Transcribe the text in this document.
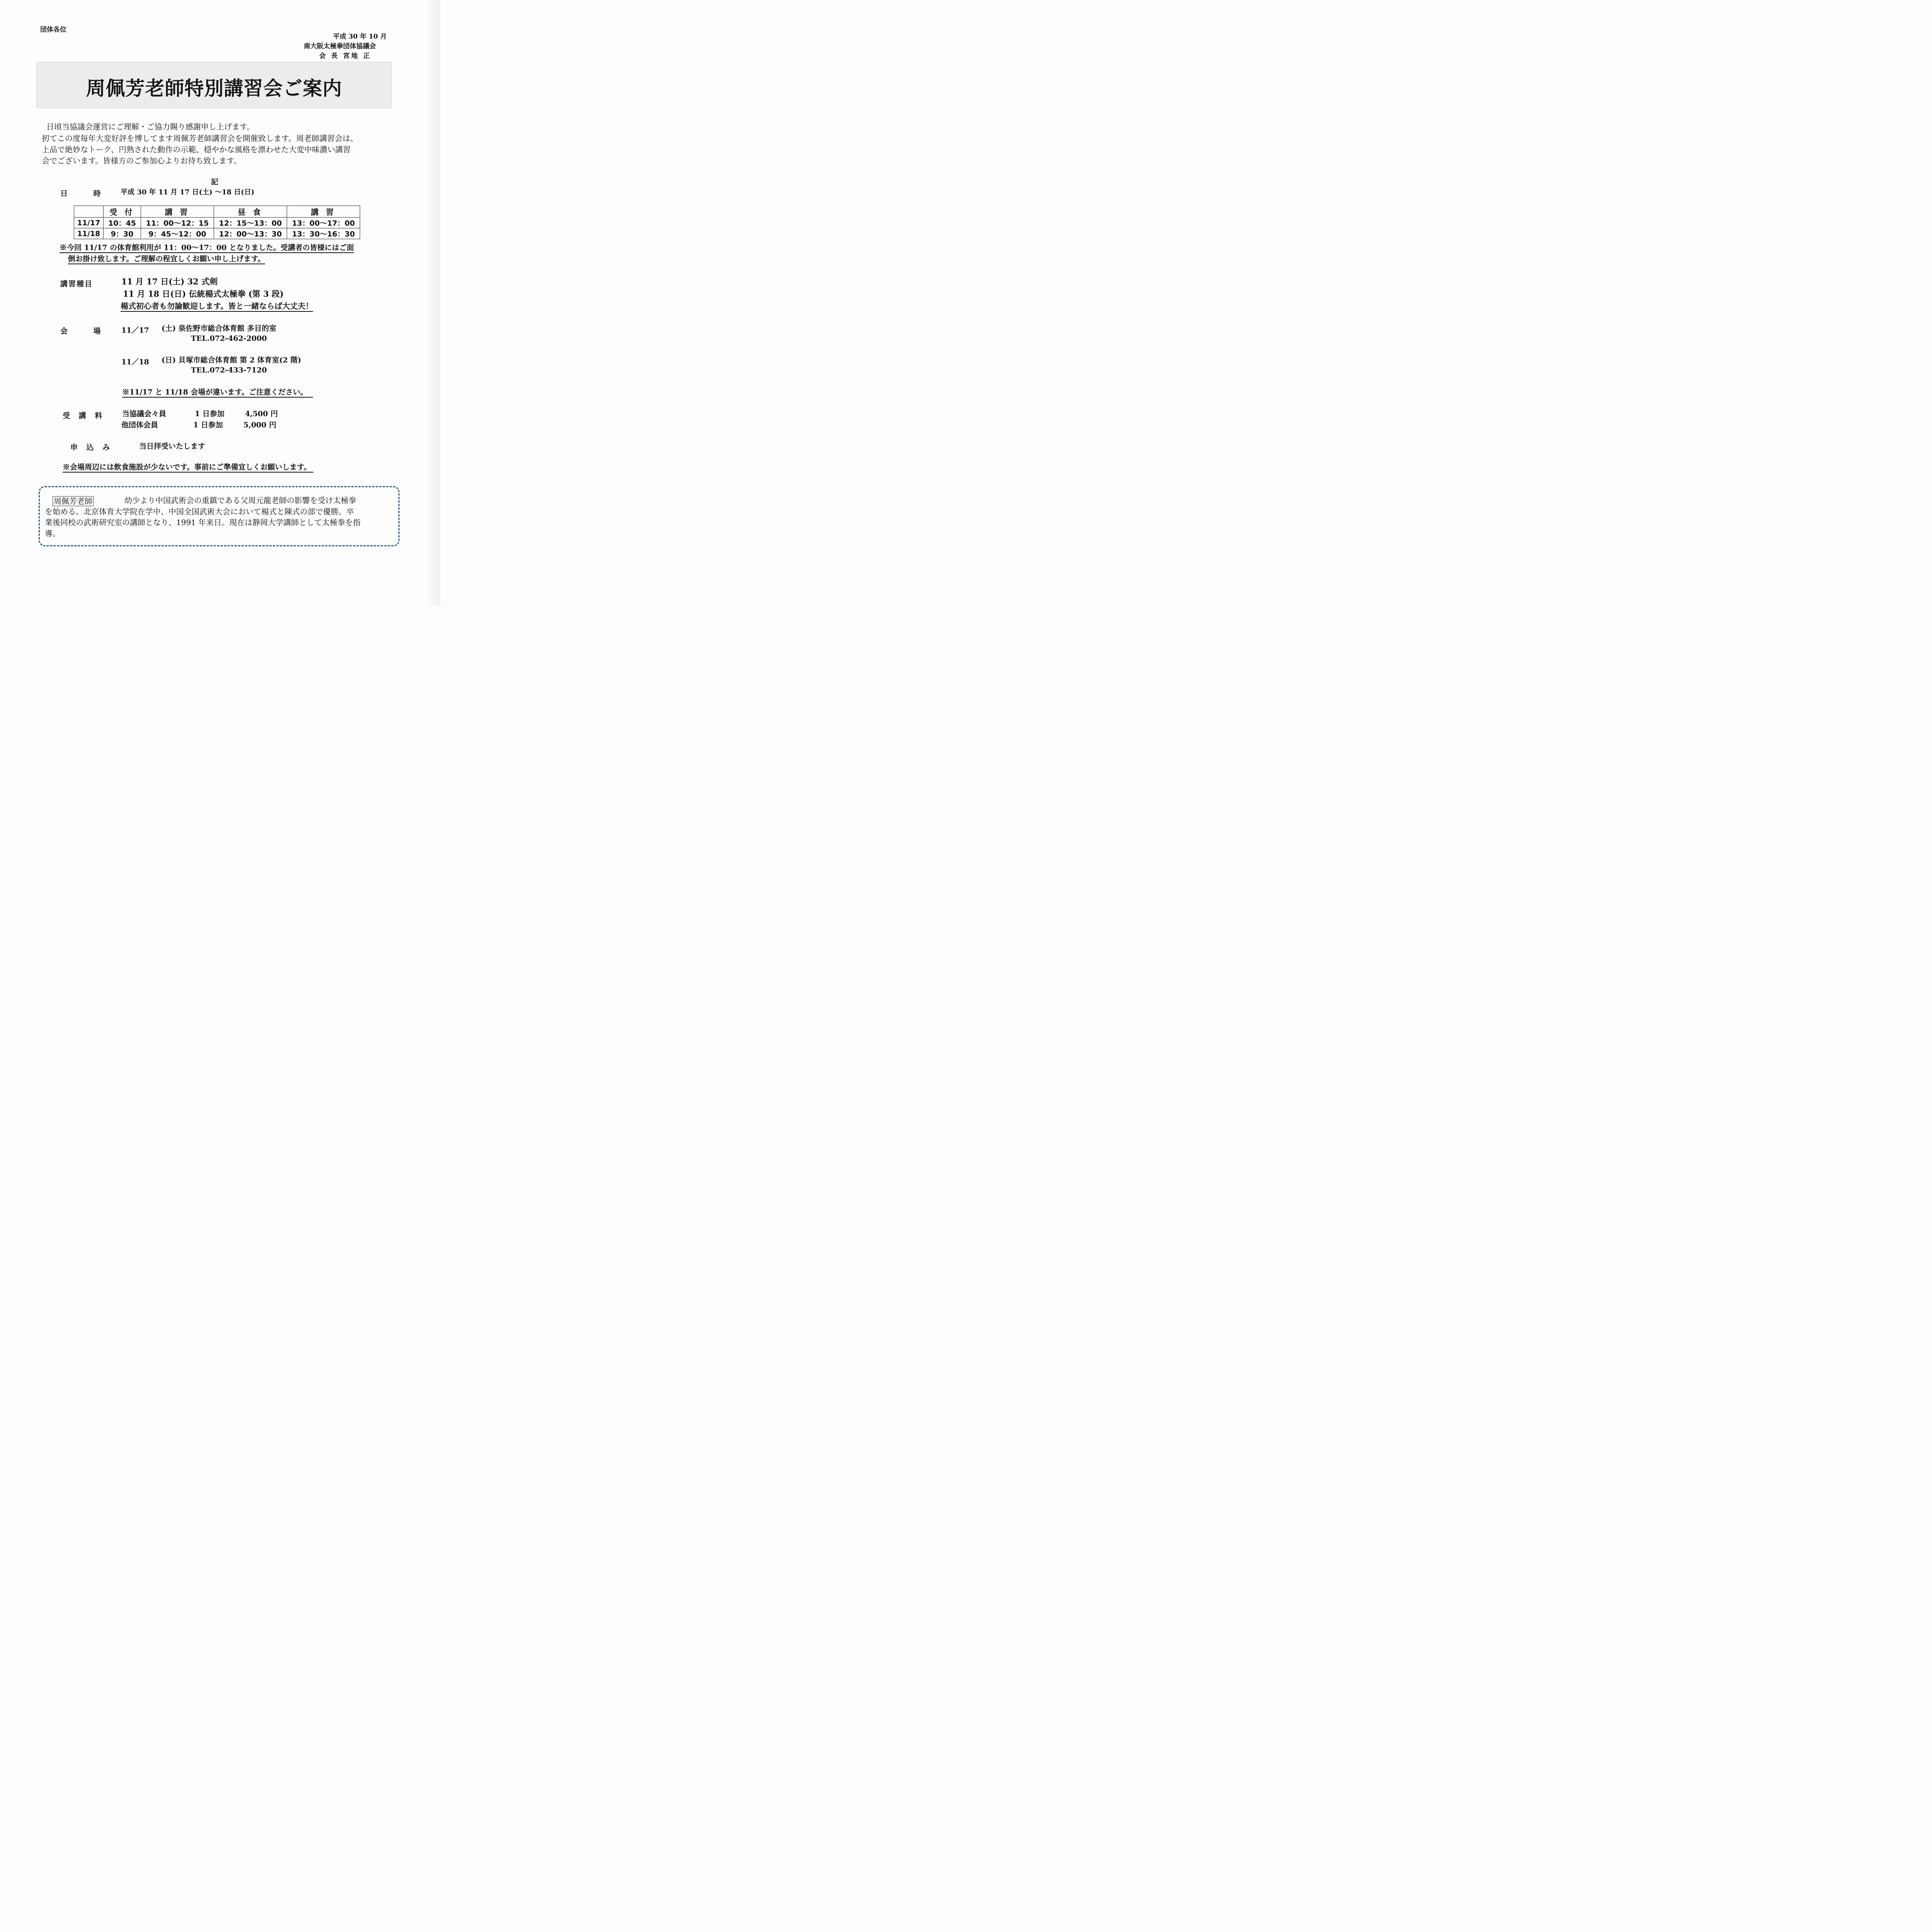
団体各位
平成 30 年 10 月
南大阪太極拳団体協議会
会 長 宮地 正
周佩芳老師特別講習会ご案内
日頃当協議会運営にご理解・ご協力賜り感謝申し上げます。
扨てこの度毎年大変好評を博してます周佩芳老師講習会を開催致します。周老師講習会は、
上品で絶妙なトーク、円熟された動作の示範、穏やかな風格を漂わせた大変中味濃い講習
会でございます。皆様方のご参加心よりお待ち致します。
記
日 時 平成 30 年 11 月 17 日(土) ～18 日(日)
	受 付	講 習	昼 食	講 習
11/17	10：45	11：00～12：15	12：15～13：00	13：00～17：00
11/18	9：30	9：45～12：00	12：00～13：30	13：30～16：30
※今回 11/17 の体育館利用が 11：00～17：00 となりました。受講者の皆様にはご面
倒お掛け致します。ご理解の程宜しくお願い申し上げます。
講習種目	11 月 17 日(土) 32 式剣
11 月 18 日(日) 伝統楊式太極拳 (第 3 段)
楊式初心者も勿論歓迎します。皆と一緒ならば大丈夫！
会 場 11／17 (土) 泉佐野市総合体育館 多目的室
TEL.072-462-2000
11／18 (日) 貝塚市総合体育館 第 2 体育室(2 階)
TEL.072-433-7120
※11/17 と 11/18 会場が違います。ご注意ください。
受 講 料 当協議会々員	1 日参加	4,500 円
他団体会員	1 日参加	5,000 円
申 込 み	当日拝受いたします
※会場周辺には飲食施設が少ないです。事前にご準備宜しくお願いします。
周佩芳老師	幼少より中国武術会の重鎮である父周元龍老師の影響を受け太極拳
を始める。北京体育大学院在学中、中国全国武術大会において楊式と陳式の部で優勝。卒
業後同校の武術研究室の講師となり、1991 年来日。現在は静岡大学講師として太極拳を指
導。
